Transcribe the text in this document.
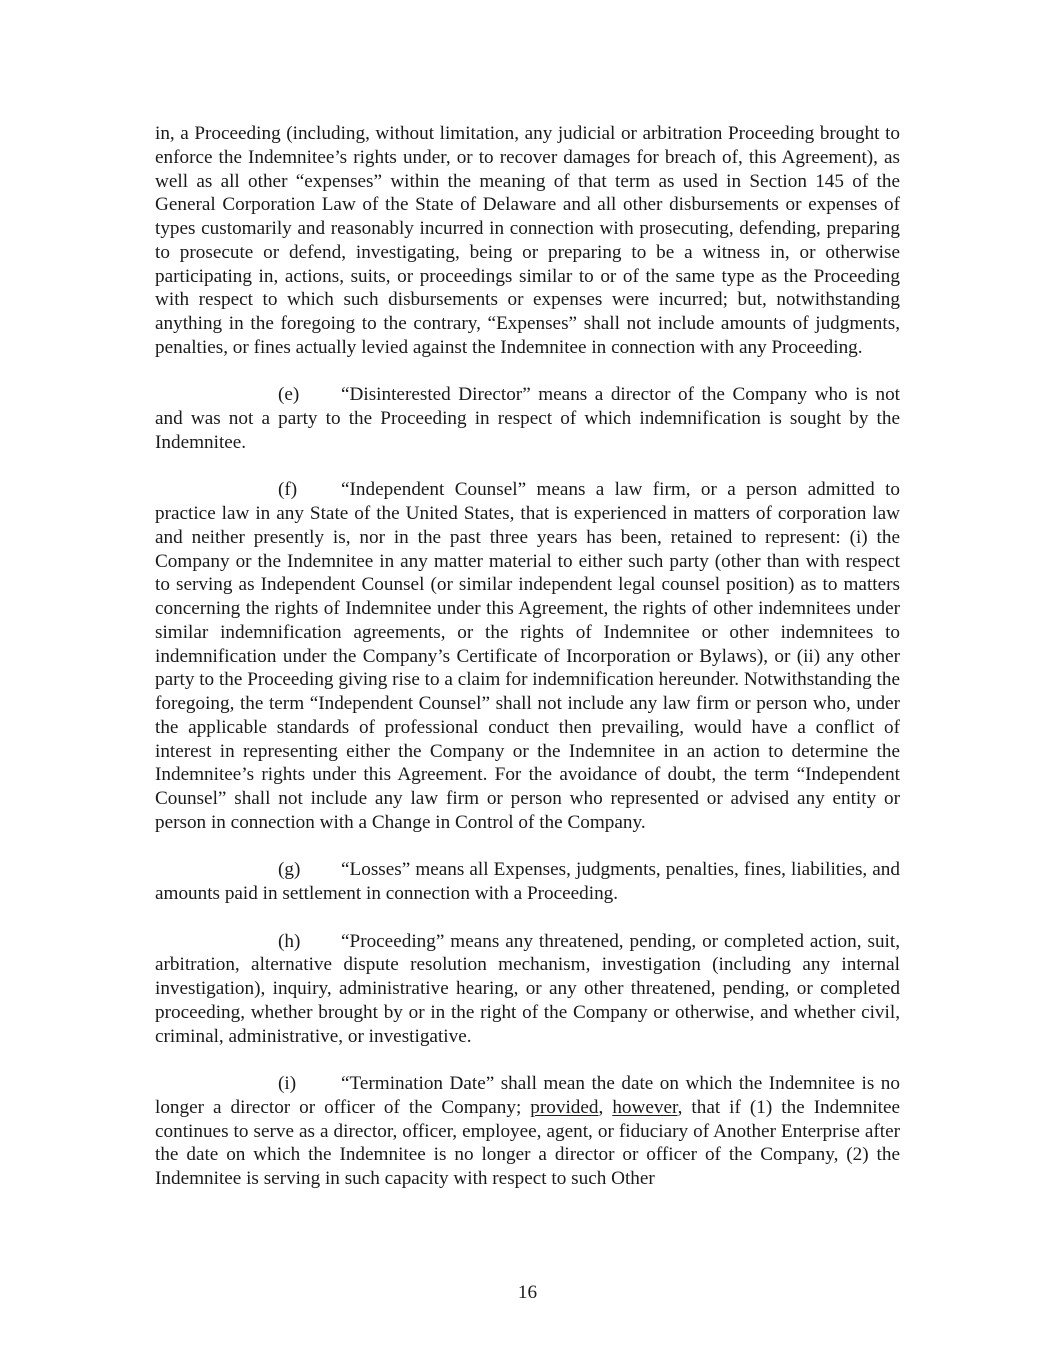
in, a Proceeding (including, without limitation, any judicial or arbitration Proceeding brought to enforce the Indemnitee’s rights under, or to recover damages for breach of, this Agreement), as well as all other “expenses” within the meaning of that term as used in Section 145 of the General Corporation Law of the State of Delaware and all other disbursements or expenses of types customarily and reasonably incurred in connection with prosecuting, defending, preparing to prosecute or defend, investigating, being or preparing to be a witness in, or otherwise participating in, actions, suits, or proceedings similar to or of the same type as the Proceeding with respect to which such disbursements or expenses were incurred; but, notwithstanding anything in the foregoing to the contrary, “Expenses” shall not include amounts of judgments, penalties, or fines actually levied against the Indemnitee in connection with any Proceeding.

(e) “Disinterested Director” means a director of the Company who is not and was not a party to the Proceeding in respect of which indemnification is sought by the Indemnitee.

(f) “Independent Counsel” means a law firm, or a person admitted to practice law in any State of the United States, that is experienced in matters of corporation law and neither presently is, nor in the past three years has been, retained to represent: (i) the Company or the Indemnitee in any matter material to either such party (other than with respect to serving as Independent Counsel (or similar independent legal counsel position) as to matters concerning the rights of Indemnitee under this Agreement, the rights of other indemnitees under similar indemnification agreements, or the rights of Indemnitee or other indemnitees to indemnification under the Company’s Certificate of Incorporation or Bylaws), or (ii) any other party to the Proceeding giving rise to a claim for indemnification hereunder. Notwithstanding the foregoing, the term “Independent Counsel” shall not include any law firm or person who, under the applicable standards of professional conduct then prevailing, would have a conflict of interest in representing either the Company or the Indemnitee in an action to determine the Indemnitee’s rights under this Agreement. For the avoidance of doubt, the term “Independent Counsel” shall not include any law firm or person who represented or advised any entity or person in connection with a Change in Control of the Company.

(g) “Losses” means all Expenses, judgments, penalties, fines, liabilities, and amounts paid in settlement in connection with a Proceeding.

(h) “Proceeding” means any threatened, pending, or completed action, suit, arbitration, alternative dispute resolution mechanism, investigation (including any internal investigation), inquiry, administrative hearing, or any other threatened, pending, or completed proceeding, whether brought by or in the right of the Company or otherwise, and whether civil, criminal, administrative, or investigative.

(i) “Termination Date” shall mean the date on which the Indemnitee is no longer a director or officer of the Company; provided, however, that if (1) the Indemnitee continues to serve as a director, officer, employee, agent, or fiduciary of Another Enterprise after the date on which the Indemnitee is no longer a director or officer of the Company, (2) the Indemnitee is serving in such capacity with respect to such Other

16
